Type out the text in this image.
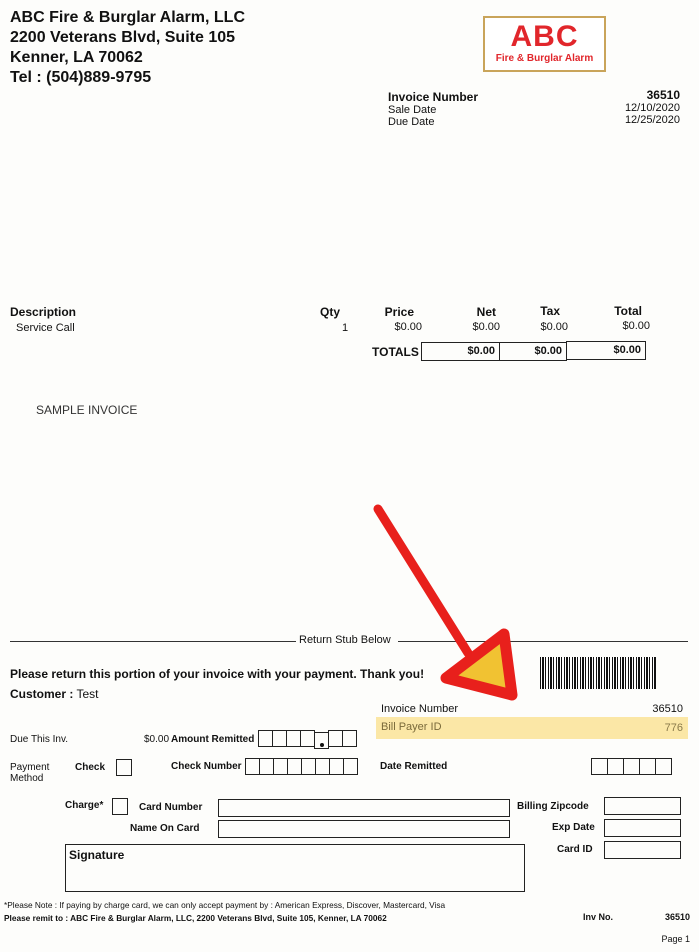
ABC Fire & Burglar Alarm, LLC
2200 Veterans Blvd, Suite 105
Kenner, LA 70062
Tel : (504)889-9795
ABC
Fire & Burglar Alarm
Invoice Number	36510
Sale Date	12/10/2020
Due Date	12/25/2020
Description	Qty	Price	Net	Tax	Total
Service Call	1	$0.00	$0.00	$0.00	$0.00
TOTALS	$0.00	$0.00	$0.00
SAMPLE INVOICE
Return Stub Below
Please return this portion of your invoice with your payment. Thank you!
Customer : Test
Invoice Number	36510
Bill Payer ID	776
Due This Inv.	$0.00 Amount Remitted
Payment Method
Check	Check Number	Date Remitted
Charge*	Card Number	Billing Zipcode
Name On Card	Exp Date
Signature	Card ID
*Please Note : If paying by charge card, we can only accept payment by : American Express, Discover, Mastercard, Visa
Please remit to : ABC Fire & Burglar Alarm, LLC, 2200 Veterans Blvd, Suite 105, Kenner, LA 70062	Inv No.	36510
Page 1
